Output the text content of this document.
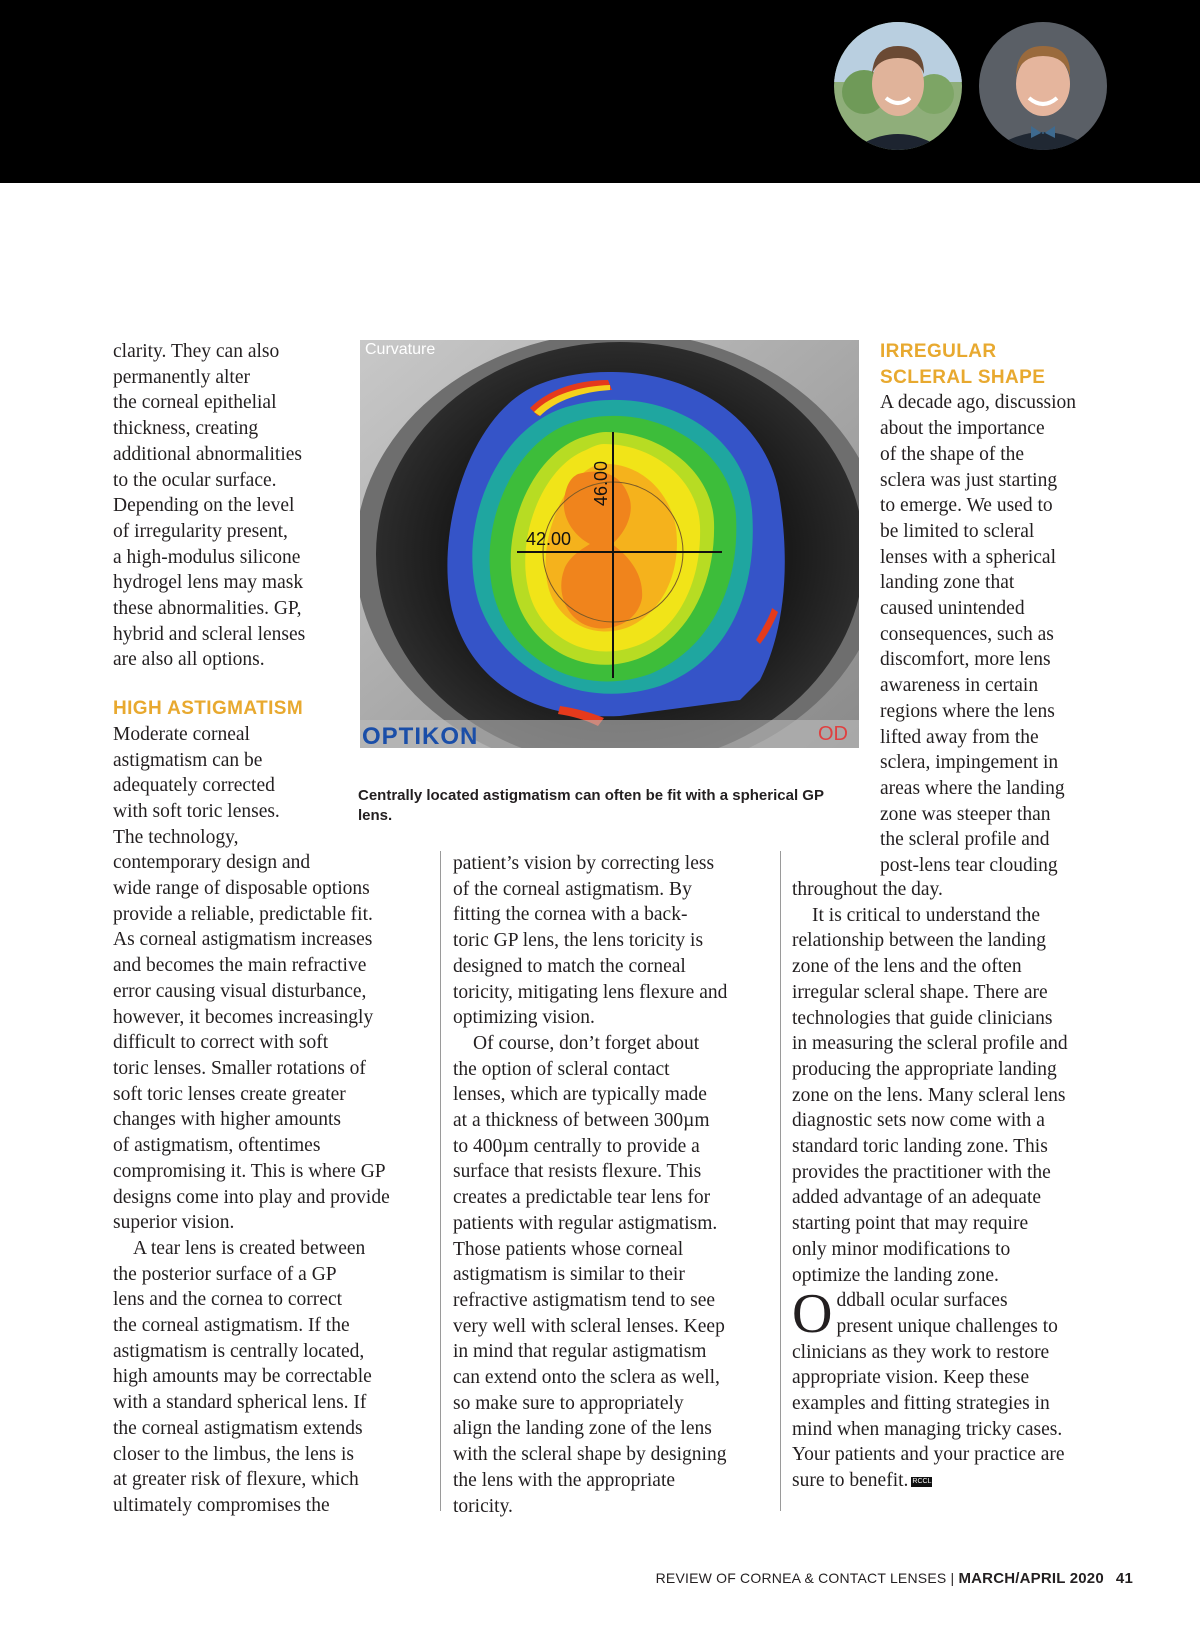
clarity. They can also
permanently alter
the corneal epithelial
thickness, creating
additional abnormalities
to the ocular surface.
Depending on the level
of irregularity present,
a high-modulus silicone
hydrogel lens may mask
these abnormalities. GP,
hybrid and scleral lenses
are also all options.

HIGH ASTIGMATISM

Moderate corneal
astigmatism can be
adequately corrected
with soft toric lenses.
The technology,
contemporary design and
wide range of disposable options
provide a reliable, predictable fit.
As corneal astigmatism increases
and becomes the main refractive
error causing visual disturbance,
however, it becomes increasingly
difficult to correct with soft
toric lenses. Smaller rotations of
soft toric lenses create greater
changes with higher amounts
of astigmatism, oftentimes
compromising it. This is where GP
designs come into play and provide
superior vision.

A tear lens is created between
the posterior surface of a GP
lens and the cornea to correct
the corneal astigmatism. If the
astigmatism is centrally located,
high amounts may be correctable
with a standard spherical lens. If
the corneal astigmatism extends
closer to the limbus, the lens is
at greater risk of flexure, which
ultimately compromises the

Curvature
42.00
46.00
OPTIKON	OD
Centrally located astigmatism can often be fit with a spherical GP lens.

patient’s vision by correcting less
of the corneal astigmatism. By
fitting the cornea with a back-
toric GP lens, the lens toricity is
designed to match the corneal
toricity, mitigating lens flexure and
optimizing vision.

Of course, don’t forget about
the option of scleral contact
lenses, which are typically made
at a thickness of between 300µm
to 400µm centrally to provide a
surface that resists flexure. This
creates a predictable tear lens for
patients with regular astigmatism.
Those patients whose corneal
astigmatism is similar to their
refractive astigmatism tend to see
very well with scleral lenses. Keep
in mind that regular astigmatism
can extend onto the sclera as well,
so make sure to appropriately
align the landing zone of the lens
with the scleral shape by designing
the lens with the appropriate
toricity.

IRREGULAR
SCLERAL SHAPE

A decade ago, discussion
about the importance
of the shape of the
sclera was just starting
to emerge. We used to
be limited to scleral
lenses with a spherical
landing zone that
caused unintended
consequences, such as
discomfort, more lens
awareness in certain
regions where the lens
lifted away from the
sclera, impingement in
areas where the landing
zone was steeper than
the scleral profile and
post-lens tear clouding

throughout the day.

It is critical to understand the
relationship between the landing
zone of the lens and the often
irregular scleral shape. There are
technologies that guide clinicians
in measuring the scleral profile and
producing the appropriate landing
zone on the lens. Many scleral lens
diagnostic sets now come with a
standard toric landing zone. This
provides the practitioner with the
added advantage of an adequate
starting point that may require
only minor modifications to
optimize the landing zone.

O ddball ocular surfaces
present unique challenges to
clinicians as they work to restore
appropriate vision. Keep these
examples and fitting strategies in
mind when managing tricky cases.
Your patients and your practice are
sure to benefit. RCCL

REVIEW OF CORNEA & CONTACT LENSES | MARCH/APRIL 2020 41
